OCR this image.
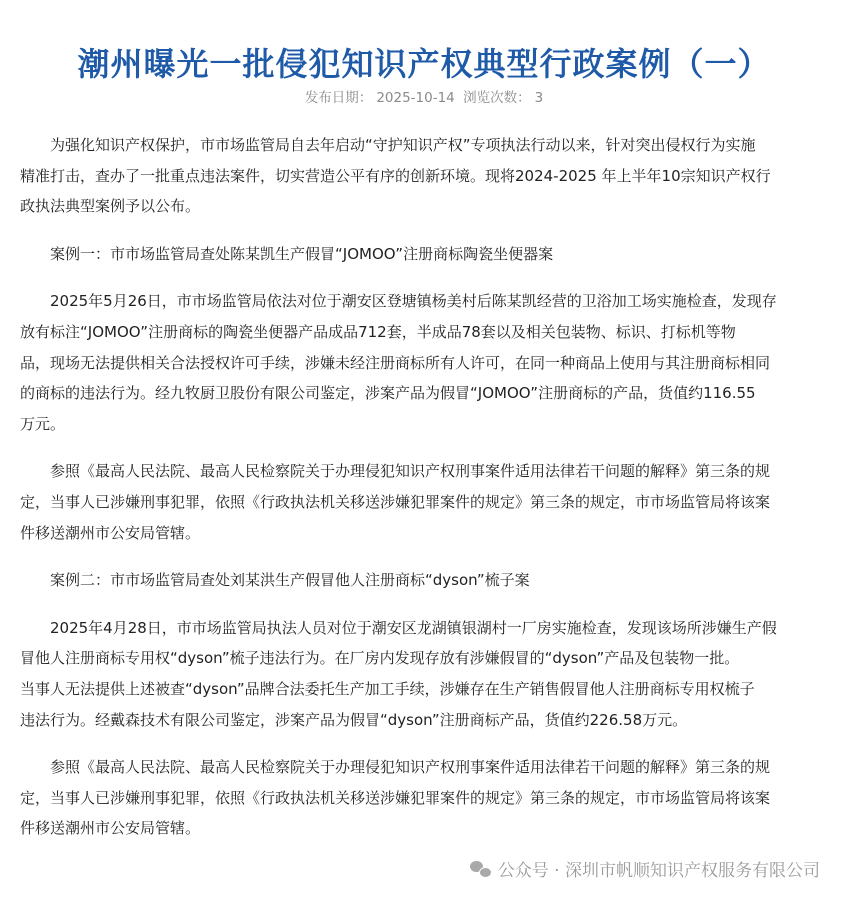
潮州曝光一批侵犯知识产权典型行政案例（一）
发布日期： 2025-10-14 浏览次数： 3

为强化知识产权保护，市市场监管局自去年启动“守护知识产权”专项执法行动以来，针对突出侵权行为实施
精准打击，查办了一批重点违法案件，切实营造公平有序的创新环境。现将2024-2025 年上半年10宗知识产权行
政执法典型案例予以公布。

案例一：市市场监管局查处陈某凯生产假冒“JOMOO”注册商标陶瓷坐便器案

2025年5月26日，市市场监管局依法对位于潮安区登塘镇杨美村后陈某凯经营的卫浴加工场实施检查，发现存
放有标注“JOMOO”注册商标的陶瓷坐便器产品成品712套，半成品78套以及相关包装物、标识、打标机等物
品，现场无法提供相关合法授权许可手续，涉嫌未经注册商标所有人许可，在同一种商品上使用与其注册商标相同
的商标的违法行为。经九牧厨卫股份有限公司鉴定，涉案产品为假冒“JOMOO”注册商标的产品，货值约116.55
万元。

参照《最高人民法院、最高人民检察院关于办理侵犯知识产权刑事案件适用法律若干问题的解释》第三条的规
定，当事人已涉嫌刑事犯罪，依照《行政执法机关移送涉嫌犯罪案件的规定》第三条的规定，市市场监管局将该案
件移送潮州市公安局管辖。

案例二：市市场监管局查处刘某洪生产假冒他人注册商标“dyson”梳子案

2025年4月28日，市市场监管局执法人员对位于潮安区龙湖镇银湖村一厂房实施检查，发现该场所涉嫌生产假
冒他人注册商标专用权“dyson”梳子违法行为。在厂房内发现存放有涉嫌假冒的“dyson”产品及包装物一批。
当事人无法提供上述被查“dyson”品牌合法委托生产加工手续，涉嫌存在生产销售假冒他人注册商标专用权梳子
违法行为。经戴森技术有限公司鉴定，涉案产品为假冒“dyson”注册商标产品，货值约226.58万元。

参照《最高人民法院、最高人民检察院关于办理侵犯知识产权刑事案件适用法律若干问题的解释》第三条的规
定，当事人已涉嫌刑事犯罪，依照《行政执法机关移送涉嫌犯罪案件的规定》第三条的规定，市市场监管局将该案
件移送潮州市公安局管辖。

公众号 · 深圳市帆顺知识产权服务有限公司
